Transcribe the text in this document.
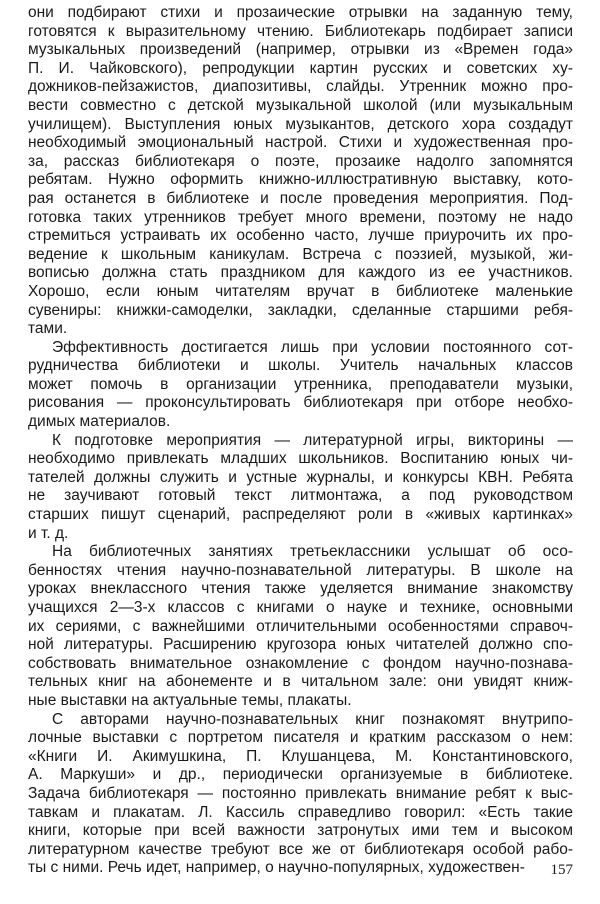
они подбирают стихи и прозаические отрывки на заданную тему,
готовятся к выразительному чтению. Библиотекарь подбирает записи
музыкальных произведений (например, отрывки из «Времен года»
П. И. Чайковского), репродукции картин русских и советских ху-
дожников-пейзажистов, диапозитивы, слайды. Утренник можно про-
вести совместно с детской музыкальной школой (или музыкальным
училищем). Выступления юных музыкантов, детского хора создадут
необходимый эмоциональный настрой. Стихи и художественная про-
за, рассказ библиотекаря о поэте, прозаике надолго запомнятся
ребятам. Нужно оформить книжно-иллюстративную выставку, кото-
рая останется в библиотеке и после проведения мероприятия. Под-
готовка таких утренников требует много времени, поэтому не надо
стремиться устраивать их особенно часто, лучше приурочить их про-
ведение к школьным каникулам. Встреча с поэзией, музыкой, жи-
вописью должна стать праздником для каждого из ее участников.
Хорошо, если юным читателям вручат в библиотеке маленькие
сувениры: книжки-самоделки, закладки, сделанные старшими ребя-
тами.
Эффективность достигается лишь при условии постоянного сот-
рудничества библиотеки и школы. Учитель начальных классов
может помочь в организации утренника, преподаватели музыки,
рисования — проконсультировать библиотекаря при отборе необхо-
димых материалов.
К подготовке мероприятия — литературной игры, викторины —
необходимо привлекать младших школьников. Воспитанию юных чи-
тателей должны служить и устные журналы, и конкурсы КВН. Ребята
не заучивают готовый текст литмонтажа, а под руководством
старших пишут сценарий, распределяют роли в «живых картинках»
и т. д.
На библиотечных занятиях третьеклассники услышат об осо-
бенностях чтения научно-познавательной литературы. В школе на
уроках внеклассного чтения также уделяется внимание знакомству
учащихся 2—3-х классов с книгами о науке и технике, основными
их сериями, с важнейшими отличительными особенностями справоч-
ной литературы. Расширению кругозора юных читателей должно спо-
собствовать внимательное ознакомление с фондом научно-познава-
тельных книг на абонементе и в читальном зале: они увидят книж-
ные выставки на актуальные темы, плакаты.
С авторами научно-познавательных книг познакомят внутрипо-
лочные выставки с портретом писателя и кратким рассказом о нем:
«Книги И. Акимушкина, П. Клушанцева, М. Константиновского,
А. Маркуши» и др., периодически организуемые в библиотеке.
Задача библиотекаря — постоянно привлекать внимание ребят к выс-
тавкам и плакатам. Л. Кассиль справедливо говорил: «Есть такие
книги, которые при всей важности затронутых ими тем и высоком
литературном качестве требуют все же от библиотекаря особой рабо-
ты с ними. Речь идет, например, о научно-популярных, художествен-	157
